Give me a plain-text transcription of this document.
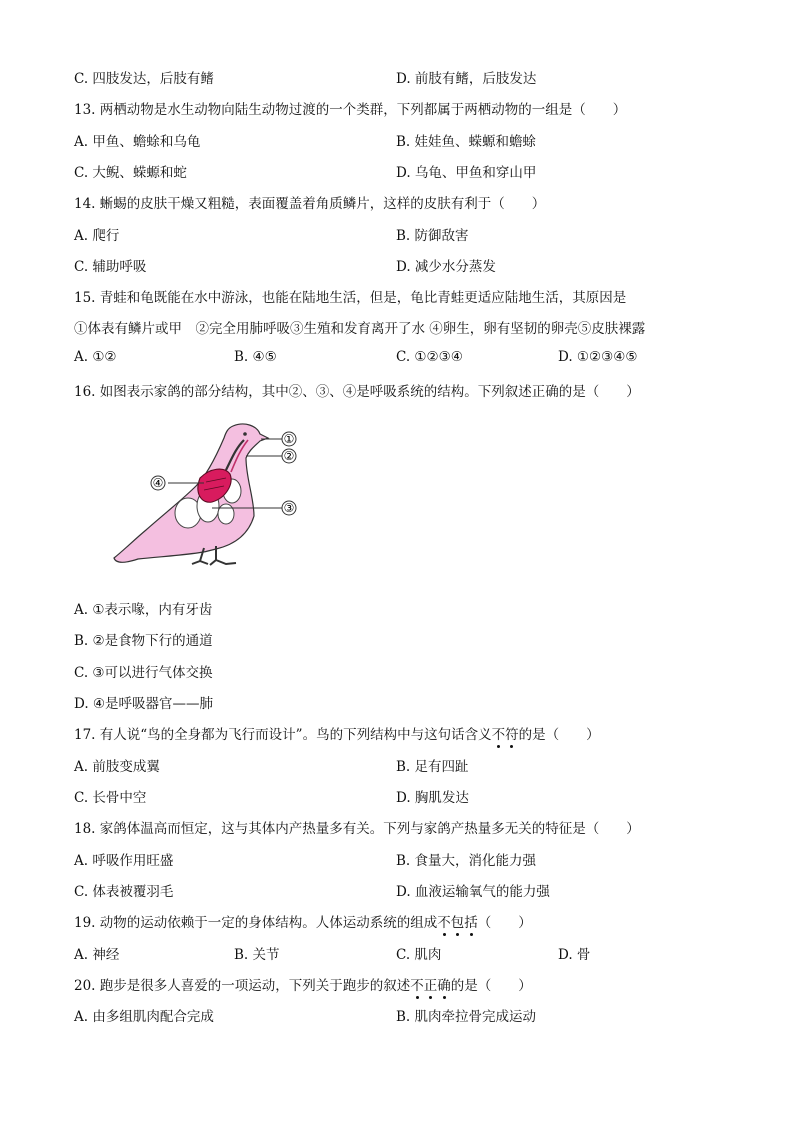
C. 四肢发达，后肢有鳍	D. 前肢有鳍，后肢发达
13. 两栖动物是水生动物向陆生动物过渡的一个类群，下列都属于两栖动物的一组是（　　）
A. 甲鱼、蟾蜍和乌龟	B. 娃娃鱼、蝾螈和蟾蜍
C. 大鲵、蝾螈和蛇	D. 乌龟、甲鱼和穿山甲
14. 蜥蜴的皮肤干燥又粗糙，表面覆盖着角质鳞片，这样的皮肤有利于（　　）
A. 爬行	B. 防御敌害
C. 辅助呼吸	D. 减少水分蒸发
15. 青蛙和龟既能在水中游泳，也能在陆地生活，但是，龟比青蛙更适应陆地生活，其原因是
①体表有鳞片或甲　②完全用肺呼吸③生殖和发育离开了水 ④卵生，卵有坚韧的卵壳⑤皮肤裸露
A. ①②	B. ④⑤	C. ①②③④	D. ①②③④⑤
16. 如图表示家鸽的部分结构，其中②、③、④是呼吸系统的结构。下列叙述正确的是（　　）
①
②
③
④
A. ①表示喙，内有牙齿
B. ②是食物下行的通道
C. ③可以进行气体交换
D. ④是呼吸器官——肺
17. 有人说“鸟的全身都为飞行而设计”。鸟的下列结构中与这句话含义不符的是（　　）
A. 前肢变成翼	B. 足有四趾
C. 长骨中空	D. 胸肌发达
18. 家鸽体温高而恒定，这与其体内产热量多有关。下列与家鸽产热量多无关的特征是（　　）
A. 呼吸作用旺盛	B. 食量大，消化能力强
C. 体表被覆羽毛	D. 血液运输氧气的能力强
19. 动物的运动依赖于一定的身体结构。人体运动系统的组成不包括（　　）
A. 神经	B. 关节	C. 肌肉	D. 骨
20. 跑步是很多人喜爱的一项运动，下列关于跑步的叙述不正确的是（　　）
A. 由多组肌肉配合完成	B. 肌肉牵拉骨完成运动
